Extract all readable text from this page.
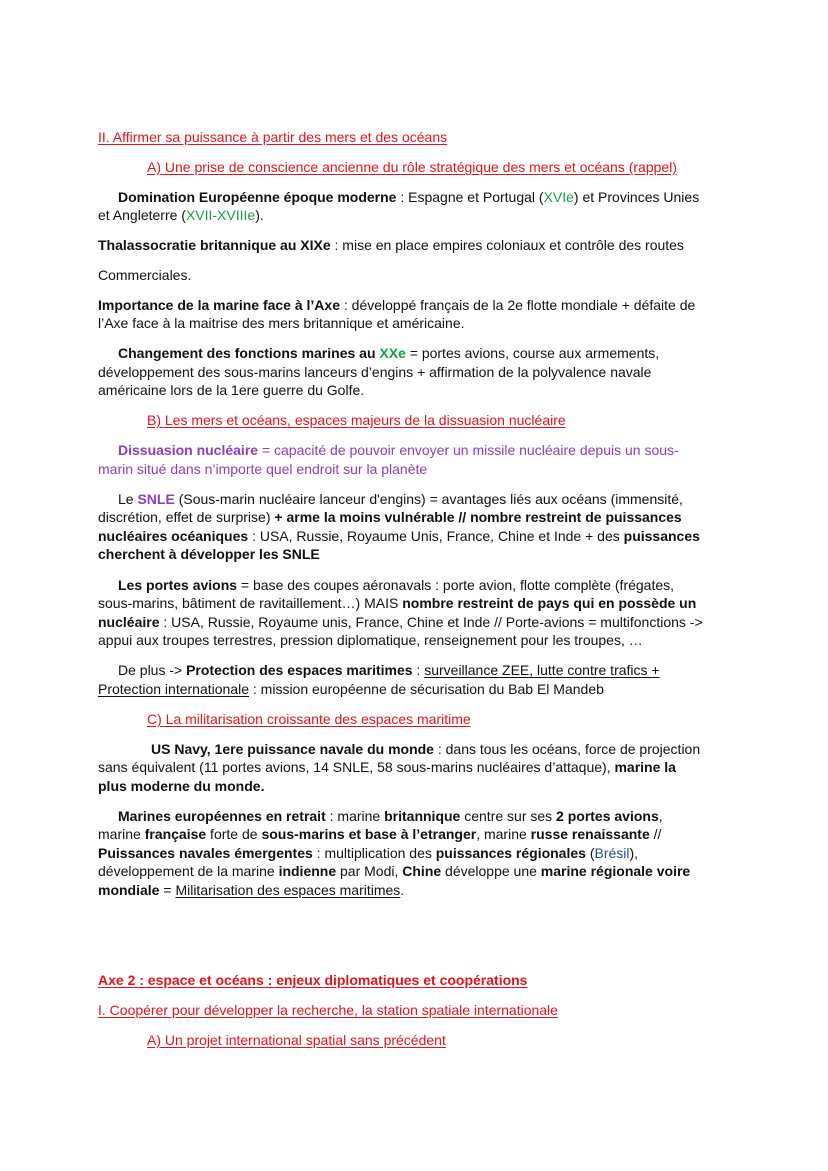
II. Affirmer sa puissance à partir des mers et des océans
A) Une prise de conscience ancienne du rôle stratégique des mers et océans (rappel)
Domination Européenne époque moderne : Espagne et Portugal (XVIe) et Provinces Unies
et Angleterre (XVII-XVIIIe).
Thalassocratie britannique au XIXe : mise en place empires coloniaux et contrôle des routes
Commerciales.
Importance de la marine face à l’Axe : développé français de la 2e flotte mondiale + défaite de
l’Axe face à la maitrise des mers britannique et américaine.
Changement des fonctions marines au XXe = portes avions, course aux armements,
développement des sous-marins lanceurs d’engins + affirmation de la polyvalence navale
américaine lors de la 1ere guerre du Golfe.
B) Les mers et océans, espaces majeurs de la dissuasion nucléaire
Dissuasion nucléaire = capacité de pouvoir envoyer un missile nucléaire depuis un sous-
marin situé dans n’importe quel endroit sur la planète
Le SNLE (Sous-marin nucléaire lanceur d'engins) = avantages liés aux océans (immensité,
discrétion, effet de surprise) + arme la moins vulnérable // nombre restreint de puissances
nucléaires océaniques : USA, Russie, Royaume Unis, France, Chine et Inde + des puissances
cherchent à développer les SNLE
Les portes avions = base des coupes aéronavals : porte avion, flotte complète (frégates,
sous-marins, bâtiment de ravitaillement…) MAIS nombre restreint de pays qui en possède un
nucléaire : USA, Russie, Royaume unis, France, Chine et Inde // Porte-avions = multifonctions ->
appui aux troupes terrestres, pression diplomatique, renseignement pour les troupes, …
De plus -> Protection des espaces maritimes : surveillance ZEE, lutte contre trafics +
Protection internationale : mission européenne de sécurisation du Bab El Mandeb
C) La militarisation croissante des espaces maritime
US Navy, 1ere puissance navale du monde : dans tous les océans, force de projection
sans équivalent (11 portes avions, 14 SNLE, 58 sous-marins nucléaires d’attaque), marine la
plus moderne du monde.
Marines européennes en retrait : marine britannique centre sur ses 2 portes avions,
marine française forte de sous-marins et base à l’etranger, marine russe renaissante //
Puissances navales émergentes : multiplication des puissances régionales (Brésil),
développement de la marine indienne par Modi, Chine développe une marine régionale voire
mondiale = Militarisation des espaces maritimes.
Axe 2 : espace et océans : enjeux diplomatiques et coopérations
I. Coopérer pour développer la recherche, la station spatiale internationale
A) Un projet international spatial sans précédent
